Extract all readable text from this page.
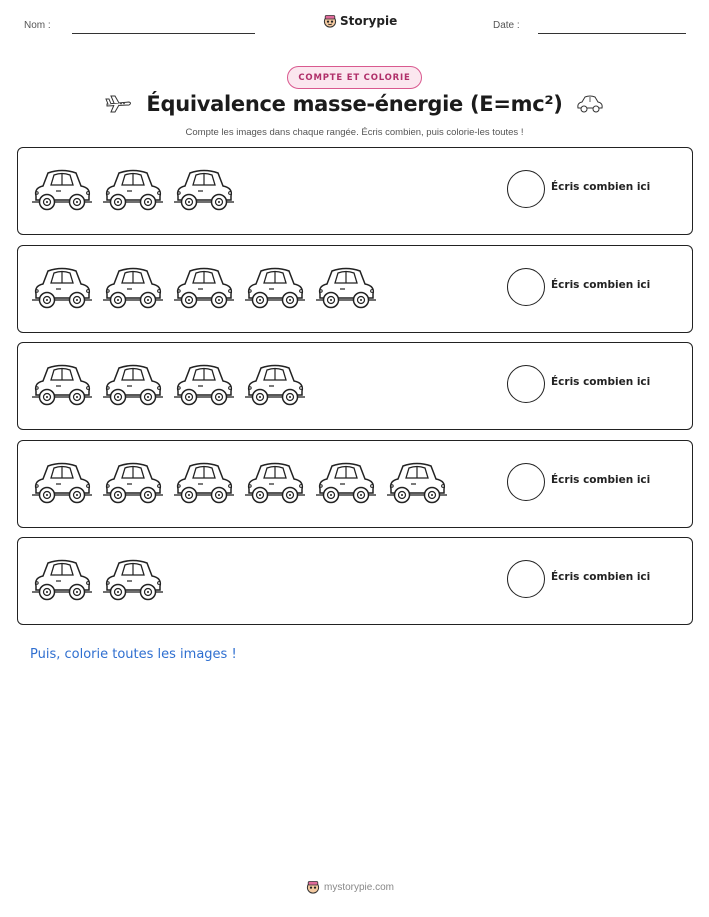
Nom :	Storypie	Date :
COMPTE ET COLORIE
Équivalence masse-énergie (E=mc²)
Compte les images dans chaque rangée. Écris combien, puis colorie-les toutes !
Écris combien ici
Écris combien ici
Écris combien ici
Écris combien ici
Écris combien ici
Puis, colorie toutes les images !
mystorypie.com
